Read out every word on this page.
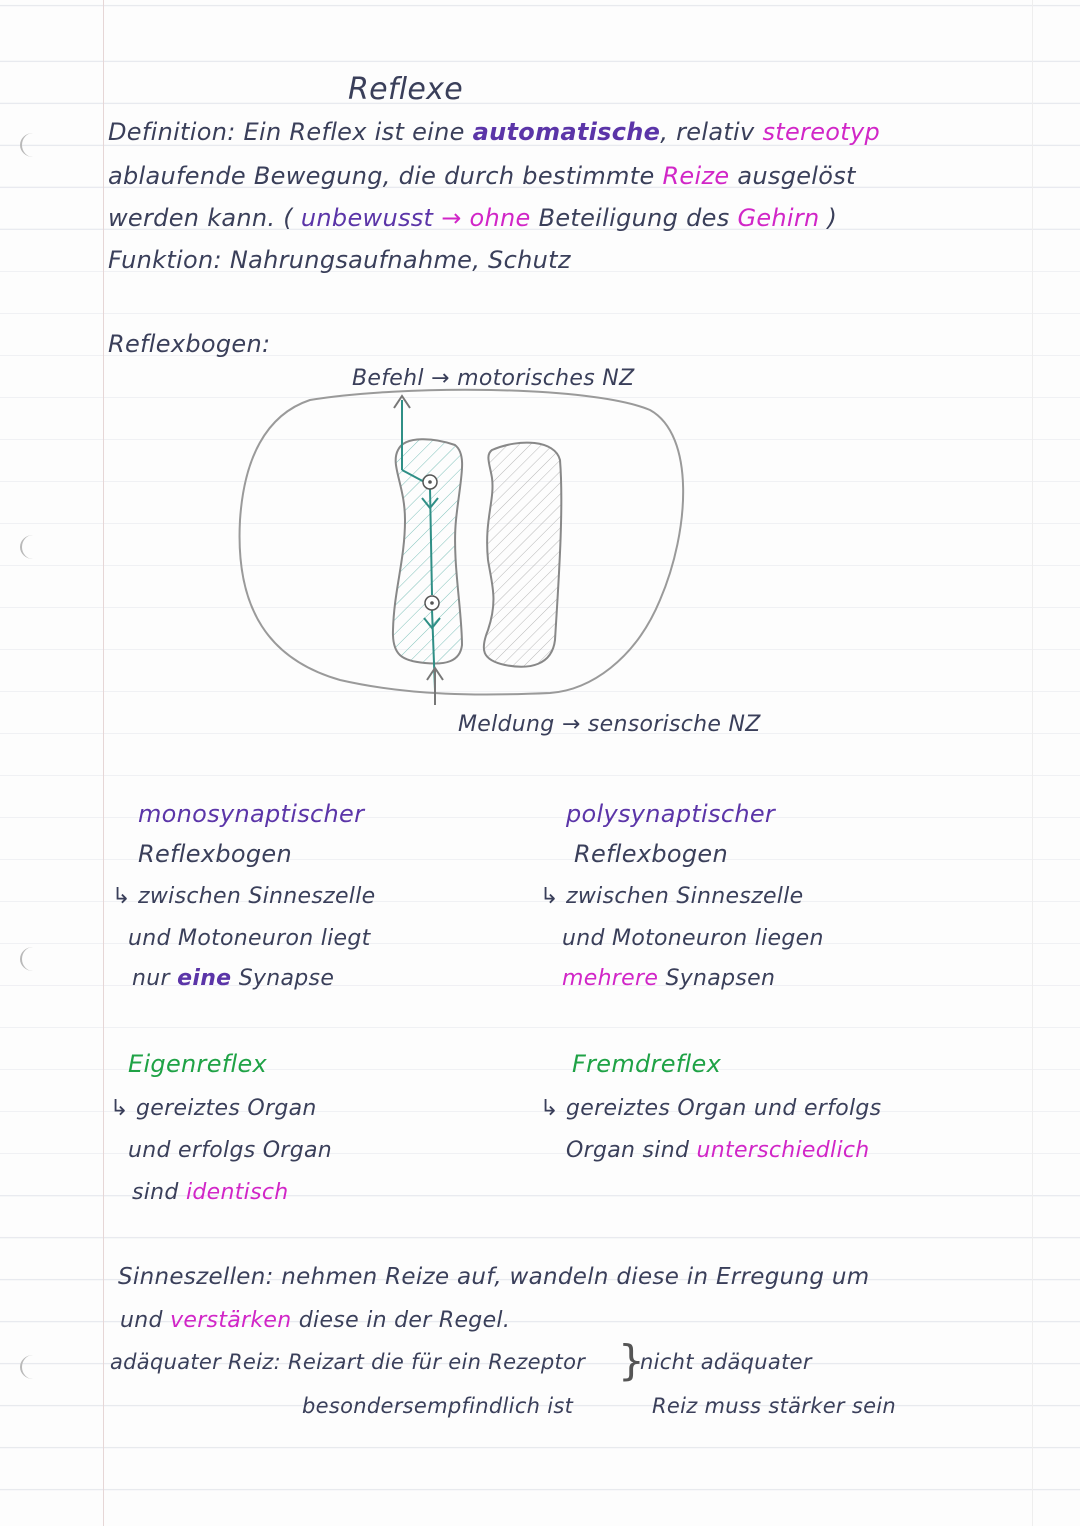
Reflexe
Definition: Ein Reflex ist eine automatische, relativ stereotyp
ablaufende Bewegung, die durch bestimmte Reize ausgelöst
werden kann. ( unbewusst → ohne Beteiligung des Gehirn )
Funktion: Nahrungsaufnahme, Schutz
Reflexbogen:
Befehl → motorisches NZ
Meldung → sensorische NZ
monosynaptischer
Reflexbogen
↳ zwischen Sinneszelle
und Motoneuron liegt
nur eine Synapse
polysynaptischer
Reflexbogen
↳ zwischen Sinneszelle
und Motoneuron liegen
mehrere Synapsen
Eigenreflex
↳ gereiztes Organ
und erfolgs Organ
sind identisch
Fremdreflex
↳ gereiztes Organ und erfolgs
Organ sind unterschiedlich
Sinneszellen: nehmen Reize auf, wandeln diese in Erregung um
und verstärken diese in der Regel.
adäquater Reiz: Reizart die für ein Rezeptor }
nicht adäquater
besondersempfindlich ist	Reiz muss stärker sein
